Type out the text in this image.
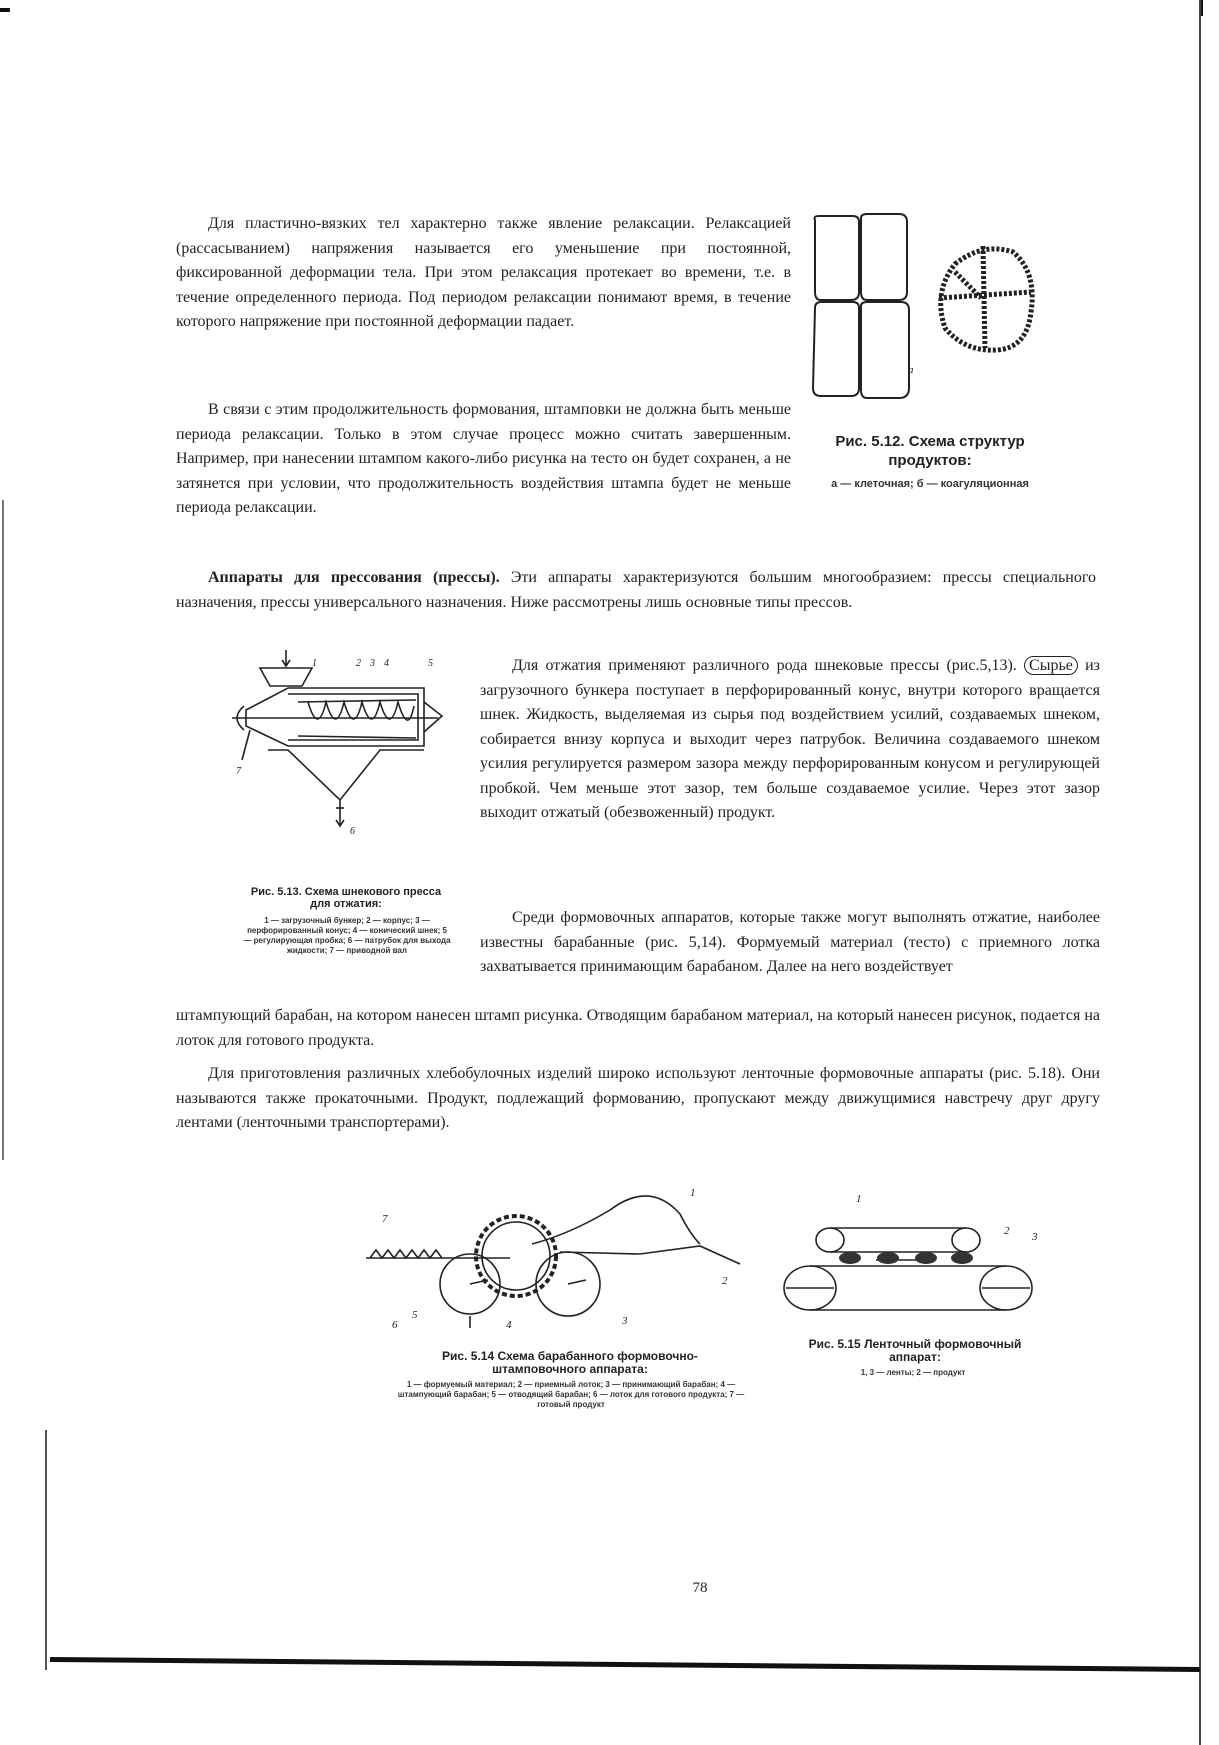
Для пластично-вязких тел характерно также явление релаксации. Релаксацией (рассасыванием) напряжения называется его уменьшение при постоянной, фиксированной деформации тела. При этом релаксация протекает во времени, т.е. в течение определенного периода. Под периодом релаксации понимают время, в течение которого напряжение при постоянной деформации падает.

В связи с этим продолжительность формования, штамповки не должна быть меньше периода релаксации. Только в этом случае процесс можно считать завершенным. Например, при нанесении штампом какого-либо рисунка на тесто он будет сохранен, а не затянется при условии, что продолжительность воздействия штампа будет не меньше периода релаксации.

Аппараты для прессования (прессы). Эти аппараты характеризуются большим многообразием: прессы специального назначения, прессы универсального назначения. Ниже рассмотрены лишь основные типы прессов.

Для отжатия применяют различного рода шнековые прессы (рис.5,13). Сырье из загрузочного бункера поступает в перфорированный конус, внутри которого вращается шнек. Жидкость, выделяемая из сырья под воздействием усилий, создаваемых шнеком, собирается внизу корпуса и выходит через патрубок. Величина создаваемого шнеком усилия регулируется размером зазора между перфорированным конусом и регулирующей пробкой. Чем меньше этот зазор, тем больше создаваемое усилие. Через этот зазор выходит отжатый (обезвоженный) продукт.

Среди формовочных аппаратов, которые также могут выполнять отжатие, наиболее известны барабанные (рис. 5,14). Формуемый материал (тесто) с приемного лотка захватывается принимающим барабаном. Далее на него воздействует

штампующий барабан, на котором нанесен штамп рисунка. Отводящим барабаном материал, на который нанесен рисунок, подается на лоток для готового продукта.

Для приготовления различных хлебобулочных изделий широко используют ленточные формовочные аппараты (рис. 5.18). Они называются также прокаточными. Продукт, подлежащий формованию, пропускают между движущимися навстречу друг другу лентами (ленточными транспортерами).

а
Рис. 5.12. Схема структур продуктов:
а — клеточная; б — коагуляционная
1	2 3 4	5
6
7
Рис. 5.13. Схема шнекового пресса для отжатия:
1 — загрузочный бункер; 2 — корпус; 3 — перфорированный конус; 4 — конический шнек; 5 — регулирующая пробка; 6 — патрубок для выхода жидкости; 7 — приводной вал
1
2
3
4
5
6
7
Рис. 5.14 Схема барабанного формовочно-штамповочного аппарата:
1 — формуемый материал; 2 — приемный лоток; 3 — принимающий барабан; 4 — штампующий барабан; 5 — отводящий барабан; 6 — лоток для готового продукта; 7 — готовый продукт
1
2 3
Рис. 5.15 Ленточный формовочный аппарат:
1, 3 — ленты; 2 — продукт
78
